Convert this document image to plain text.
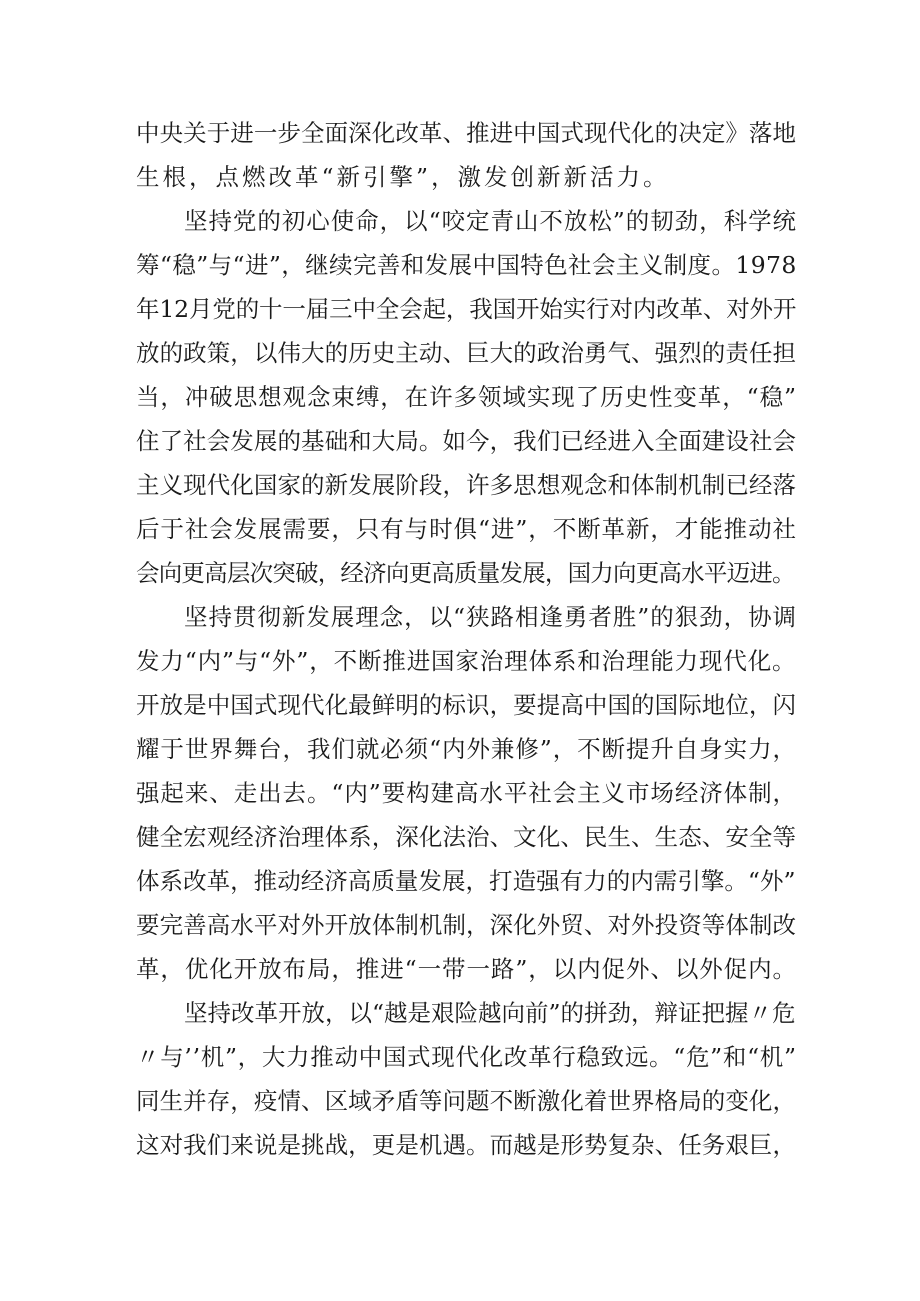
中央关于进一步全面深化改革、推进中国式现代化的决定》落地
生根，点燃改革“新引擎”，激发创新新活力。
坚持党的初心使命，以“咬定青山不放松”的韧劲，科学统
筹“稳”与“进”，继续完善和发展中国特色社会主义制度。1978
年12月党的十一届三中全会起，我国开始实行对内改革、对外开
放的政策，以伟大的历史主动、巨大的政治勇气、强烈的责任担
当，冲破思想观念束缚，在许多领域实现了历史性变革，“稳”
住了社会发展的基础和大局。如今，我们已经进入全面建设社会
主义现代化国家的新发展阶段，许多思想观念和体制机制已经落
后于社会发展需要，只有与时俱“进”，不断革新，才能推动社
会向更高层次突破，经济向更高质量发展，国力向更高水平迈进。
坚持贯彻新发展理念，以“狭路相逢勇者胜”的狠劲，协调
发力“内”与“外”，不断推进国家治理体系和治理能力现代化。
开放是中国式现代化最鲜明的标识，要提高中国的国际地位，闪
耀于世界舞台，我们就必须“内外兼修”，不断提升自身实力，
强起来、走出去。“内”要构建高水平社会主义市场经济体制，
健全宏观经济治理体系，深化法治、文化、民生、生态、安全等
体系改革，推动经济高质量发展，打造强有力的内需引擎。“外”
要完善高水平对外开放体制机制，深化外贸、对外投资等体制改
革，优化开放布局，推进“一带一路”，以内促外、以外促内。
坚持改革开放，以“越是艰险越向前”的拼劲，辩证把握〃危
〃与’’机”，大力推动中国式现代化改革行稳致远。“危”和“机”
同生并存，疫情、区域矛盾等问题不断激化着世界格局的变化，
这对我们来说是挑战，更是机遇。而越是形势复杂、任务艰巨，
